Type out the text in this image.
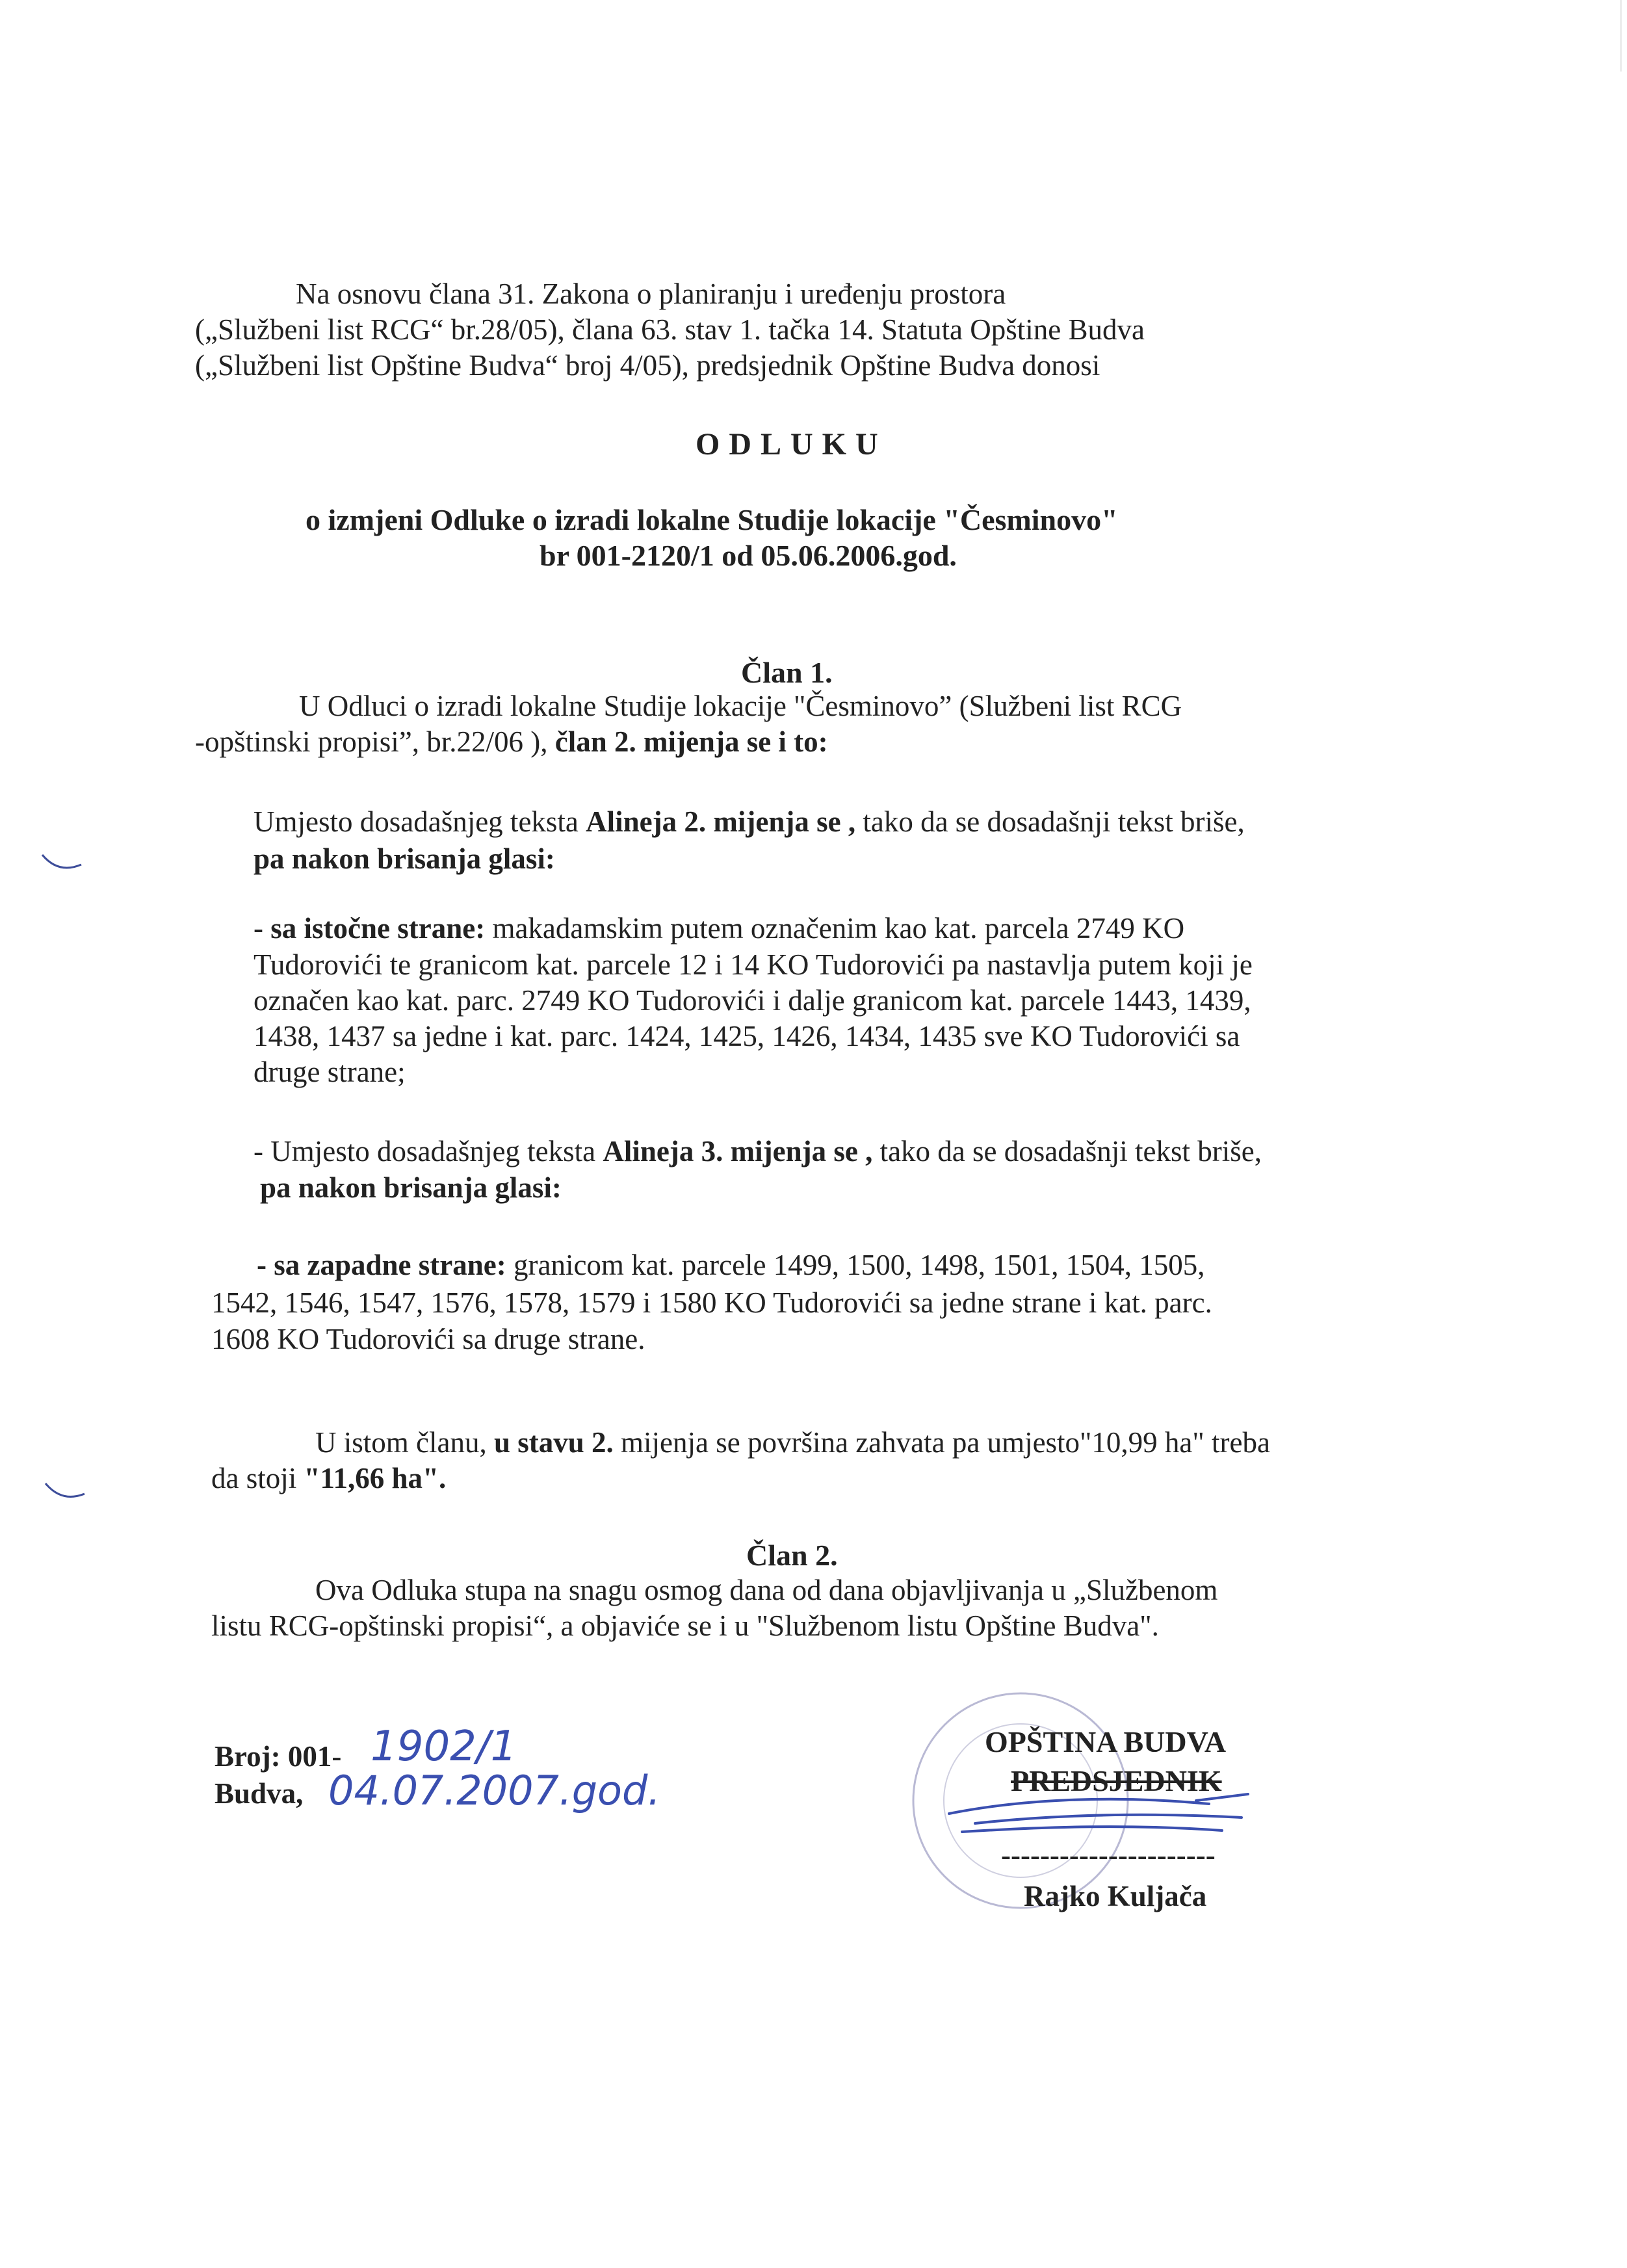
Na osnovu člana 31. Zakona o planiranju i uređenju prostora
(„Službeni list RCG“ br.28/05), člana 63. stav 1. tačka 14. Statuta Opštine Budva
(„Službeni list Opštine Budva“ broj 4/05), predsjednik Opštine Budva donosi
ODLUKU
o izmjeni Odluke o izradi lokalne Studije lokacije "Česminovo"
br 001-2120/1 od 05.06.2006.god.
Član 1.
U Odluci o izradi lokalne Studije lokacije "Česminovo” (Službeni list RCG
-opštinski propisi”, br.22/06 ), član 2. mijenja se i to:
Umjesto dosadašnjeg teksta Alineja 2. mijenja se , tako da se dosadašnji tekst briše,
pa nakon brisanja glasi:
- sa istočne strane: makadamskim putem označenim kao kat. parcela 2749 KO
Tudorovići te granicom kat. parcele 12 i 14 KO Tudorovići pa nastavlja putem koji je
označen kao kat. parc. 2749 KO Tudorovići i dalje granicom kat. parcele 1443, 1439,
1438, 1437 sa jedne i kat. parc. 1424, 1425, 1426, 1434, 1435 sve KO Tudorovići sa
druge strane;
- Umjesto dosadašnjeg teksta Alineja 3. mijenja se , tako da se dosadašnji tekst briše,
pa nakon brisanja glasi:
- sa zapadne strane: granicom kat. parcele 1499, 1500, 1498, 1501, 1504, 1505,
1542, 1546, 1547, 1576, 1578, 1579 i 1580 KO Tudorovići sa jedne strane i kat. parc.
1608 KO Tudorovići sa druge strane.
U istom članu, u stavu 2. mijenja se površina zahvata pa umjesto"10,99 ha" treba
da stoji "11,66 ha".
Član 2.
Ova Odluka stupa na snagu osmog dana od dana objavljivanja u „Službenom
listu RCG-opštinski propisi“, a objaviće se i u "Službenom listu Opštine Budva".
Broj: 001- 1902/1
Budva, 04.07.2007.god.
OPŠTINA BUDVA
PREDSJEDNIK
----------------------
Rajko Kuljača
